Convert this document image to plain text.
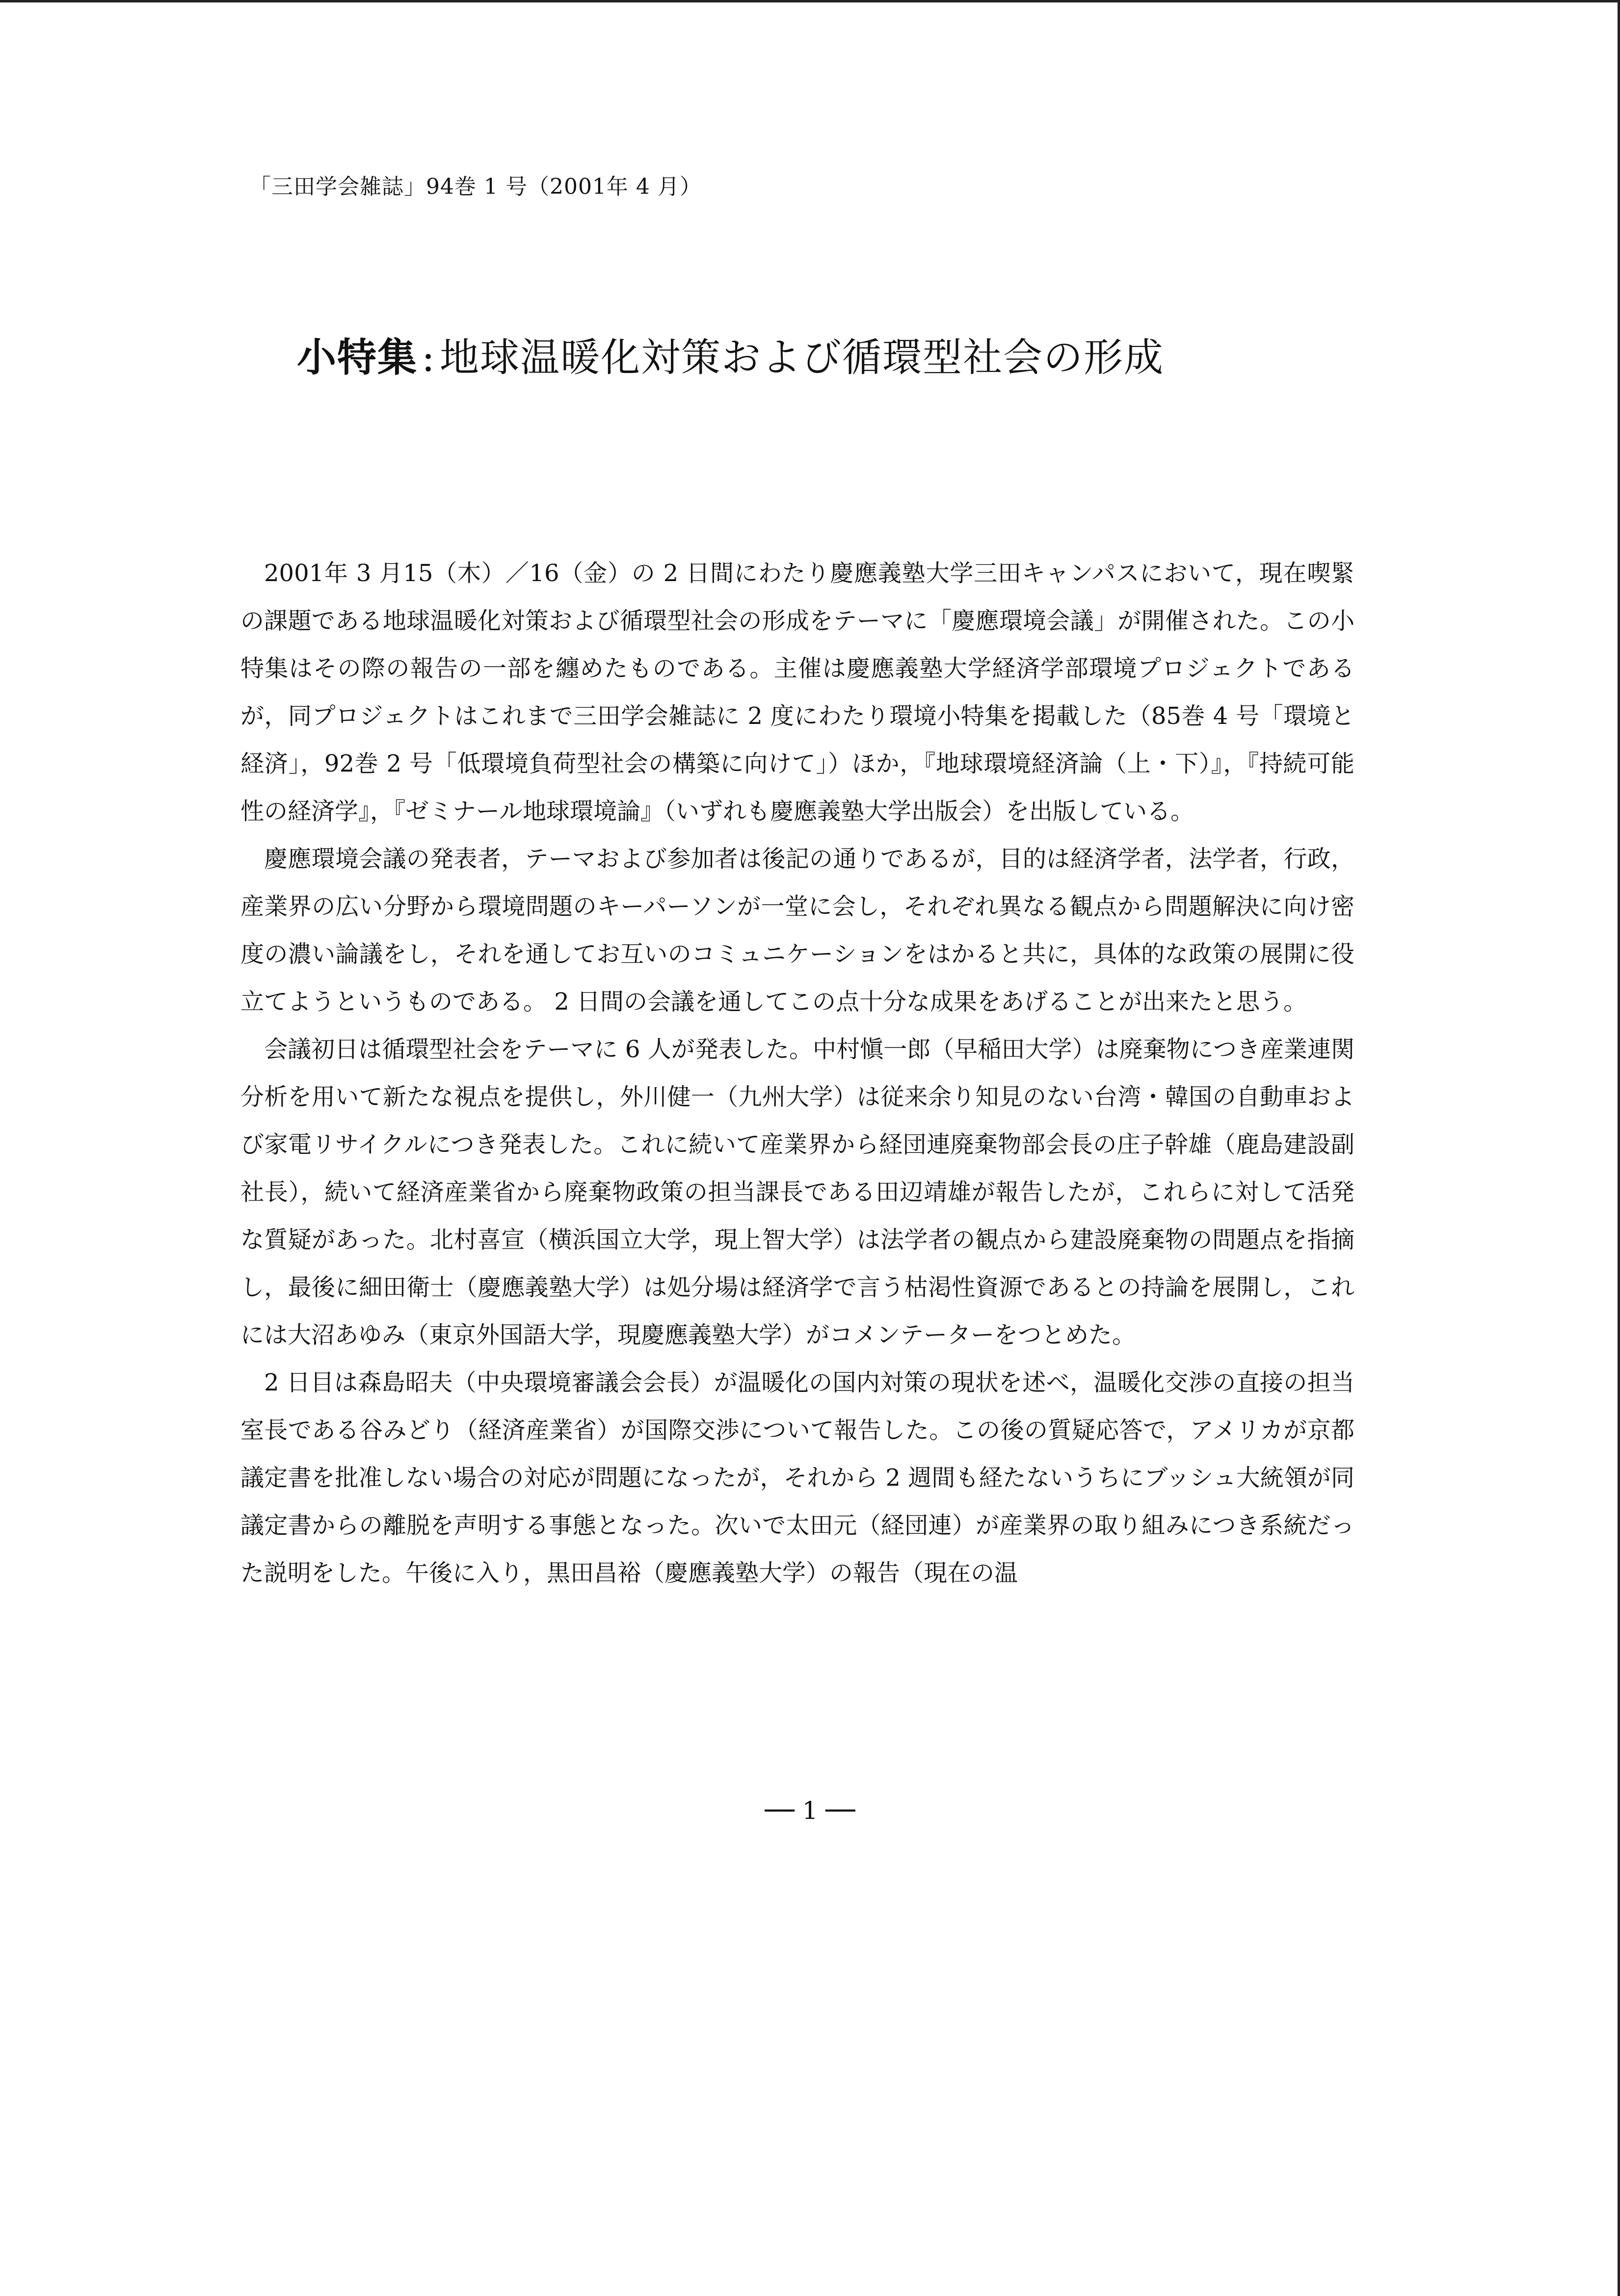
「三田学会雑誌」94巻 1 号（2001年 4 月）
小特集 : 地球温暖化対策および循環型社会の形成

2001年 3 月15（木）／16（金）の 2 日間にわたり慶應義塾大学三田キャンパスにおいて，現在喫緊の課題である地球温暖化対策および循環型社会の形成をテーマに「慶應環境会議」が開催された。この小特集はその際の報告の一部を纏めたものである。主催は慶應義塾大学経済学部環境プロジェクトであるが，同プロジェクトはこれまで三田学会雑誌に 2 度にわたり環境小特集を掲載した（85巻 4 号「環境と経済」，92巻 2 号「低環境負荷型社会の構築に向けて」）ほか，『地球環境経済論（上・下）』，『持続可能性の経済学』，『ゼミナール地球環境論』（いずれも慶應義塾大学出版会）を出版している。

慶應環境会議の発表者，テーマおよび参加者は後記の通りであるが，目的は経済学者，法学者，行政，産業界の広い分野から環境問題のキーパーソンが一堂に会し，それぞれ異なる観点から問題解決に向け密度の濃い論議をし，それを通してお互いのコミュニケーションをはかると共に，具体的な政策の展開に役立てようというものである。 2 日間の会議を通してこの点十分な成果をあげることが出来たと思う。

会議初日は循環型社会をテーマに 6 人が発表した。中村愼一郎（早稲田大学）は廃棄物につき産業連関分析を用いて新たな視点を提供し，外川健一（九州大学）は従来余り知見のない台湾・韓国の自動車および家電リサイクルにつき発表した。これに続いて産業界から経団連廃棄物部会長の庄子幹雄（鹿島建設副社長），続いて経済産業省から廃棄物政策の担当課長である田辺靖雄が報告したが，これらに対して活発な質疑があった。北村喜宣（横浜国立大学，現上智大学）は法学者の観点から建設廃棄物の問題点を指摘し，最後に細田衛士（慶應義塾大学）は処分場は経済学で言う枯渇性資源であるとの持論を展開し，これには大沼あゆみ（東京外国語大学，現慶應義塾大学）がコメンテーターをつとめた。

2 日目は森島昭夫（中央環境審議会会長）が温暖化の国内対策の現状を述べ，温暖化交渉の直接の担当室長である谷みどり（経済産業省）が国際交渉について報告した。この後の質疑応答で，アメリカが京都議定書を批准しない場合の対応が問題になったが，それから 2 週間も経たないうちにブッシュ大統領が同議定書からの離脱を声明する事態となった。次いで太田元（経団連）が産業界の取り組みにつき系統だった説明をした。午後に入り，黒田昌裕（慶應義塾大学）の報告（現在の温

── 1 ──
